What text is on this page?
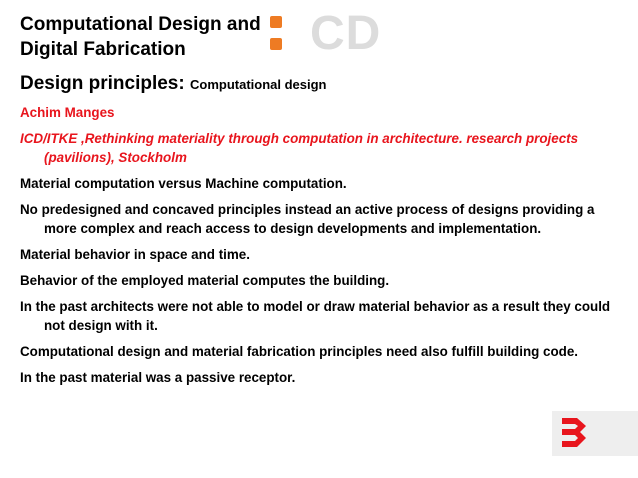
Computational Design and
Digital Fabrication	CD
Design principles: Computational design

Achim Manges

ICD/ITKE ,Rethinking materiality through computation in architecture. research projects (pavilions), Stockholm

Material computation versus Machine computation.

No predesigned and concaved principles instead an active process of designs providing a more complex and reach access to design developments and implementation.

Material behavior in space and time.

Behavior of the employed material computes the building.

In the past architects were not able to model or draw material behavior as a result they could not design with it.

Computational design and material fabrication principles need also fulfill building code.

In the past material was a passive receptor.
